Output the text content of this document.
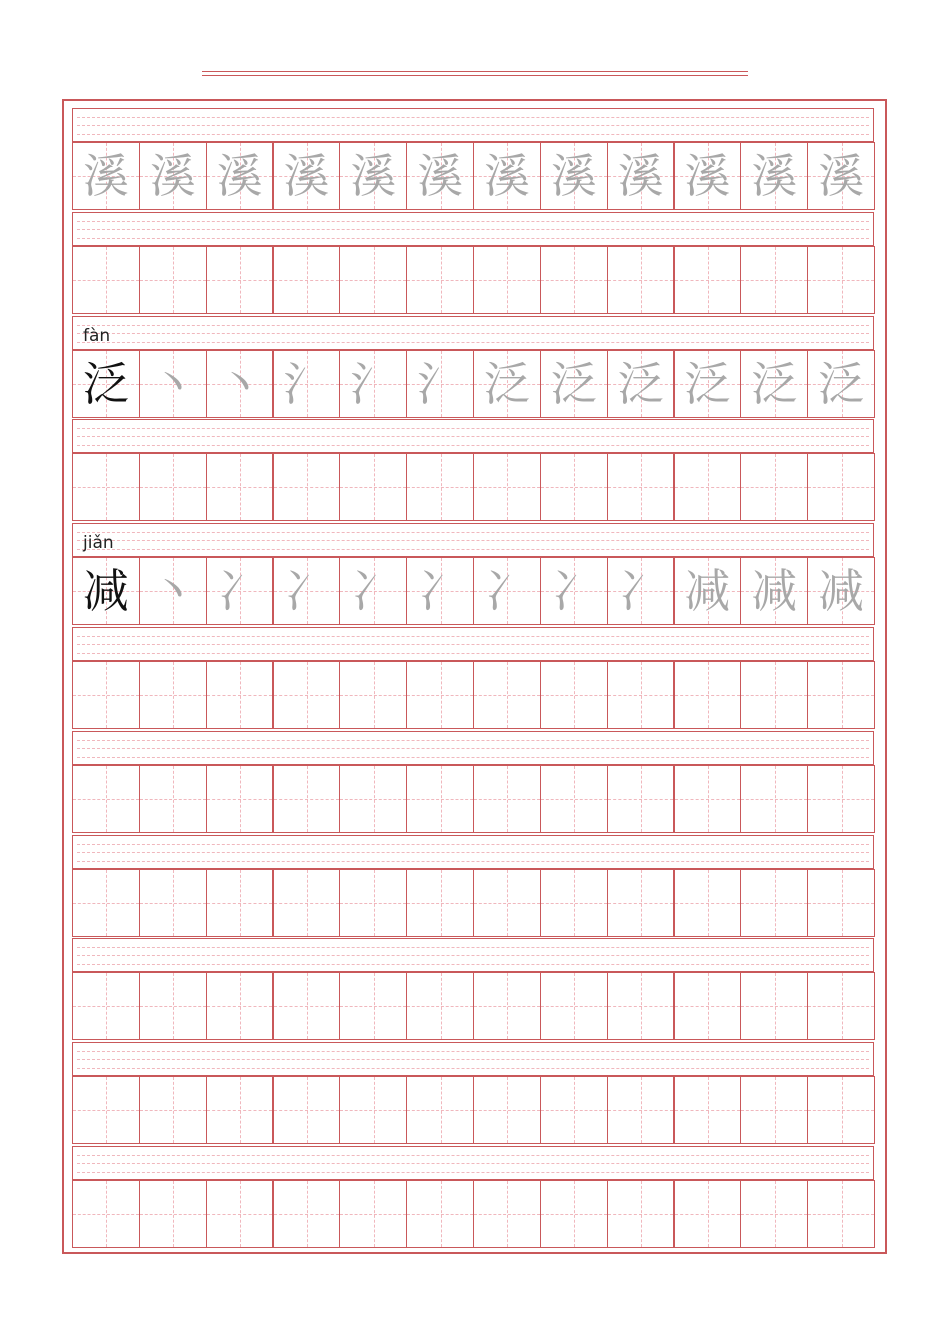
溪 溪 溪 溪 溪 溪 溪 溪 溪 溪 溪 溪
fàn
泛 丶 丶 氵 氵 氵 泛 泛 泛 泛 泛 泛
jiǎn
减 丶 冫 冫 冫 冫 冫 冫 冫 减 减 减
